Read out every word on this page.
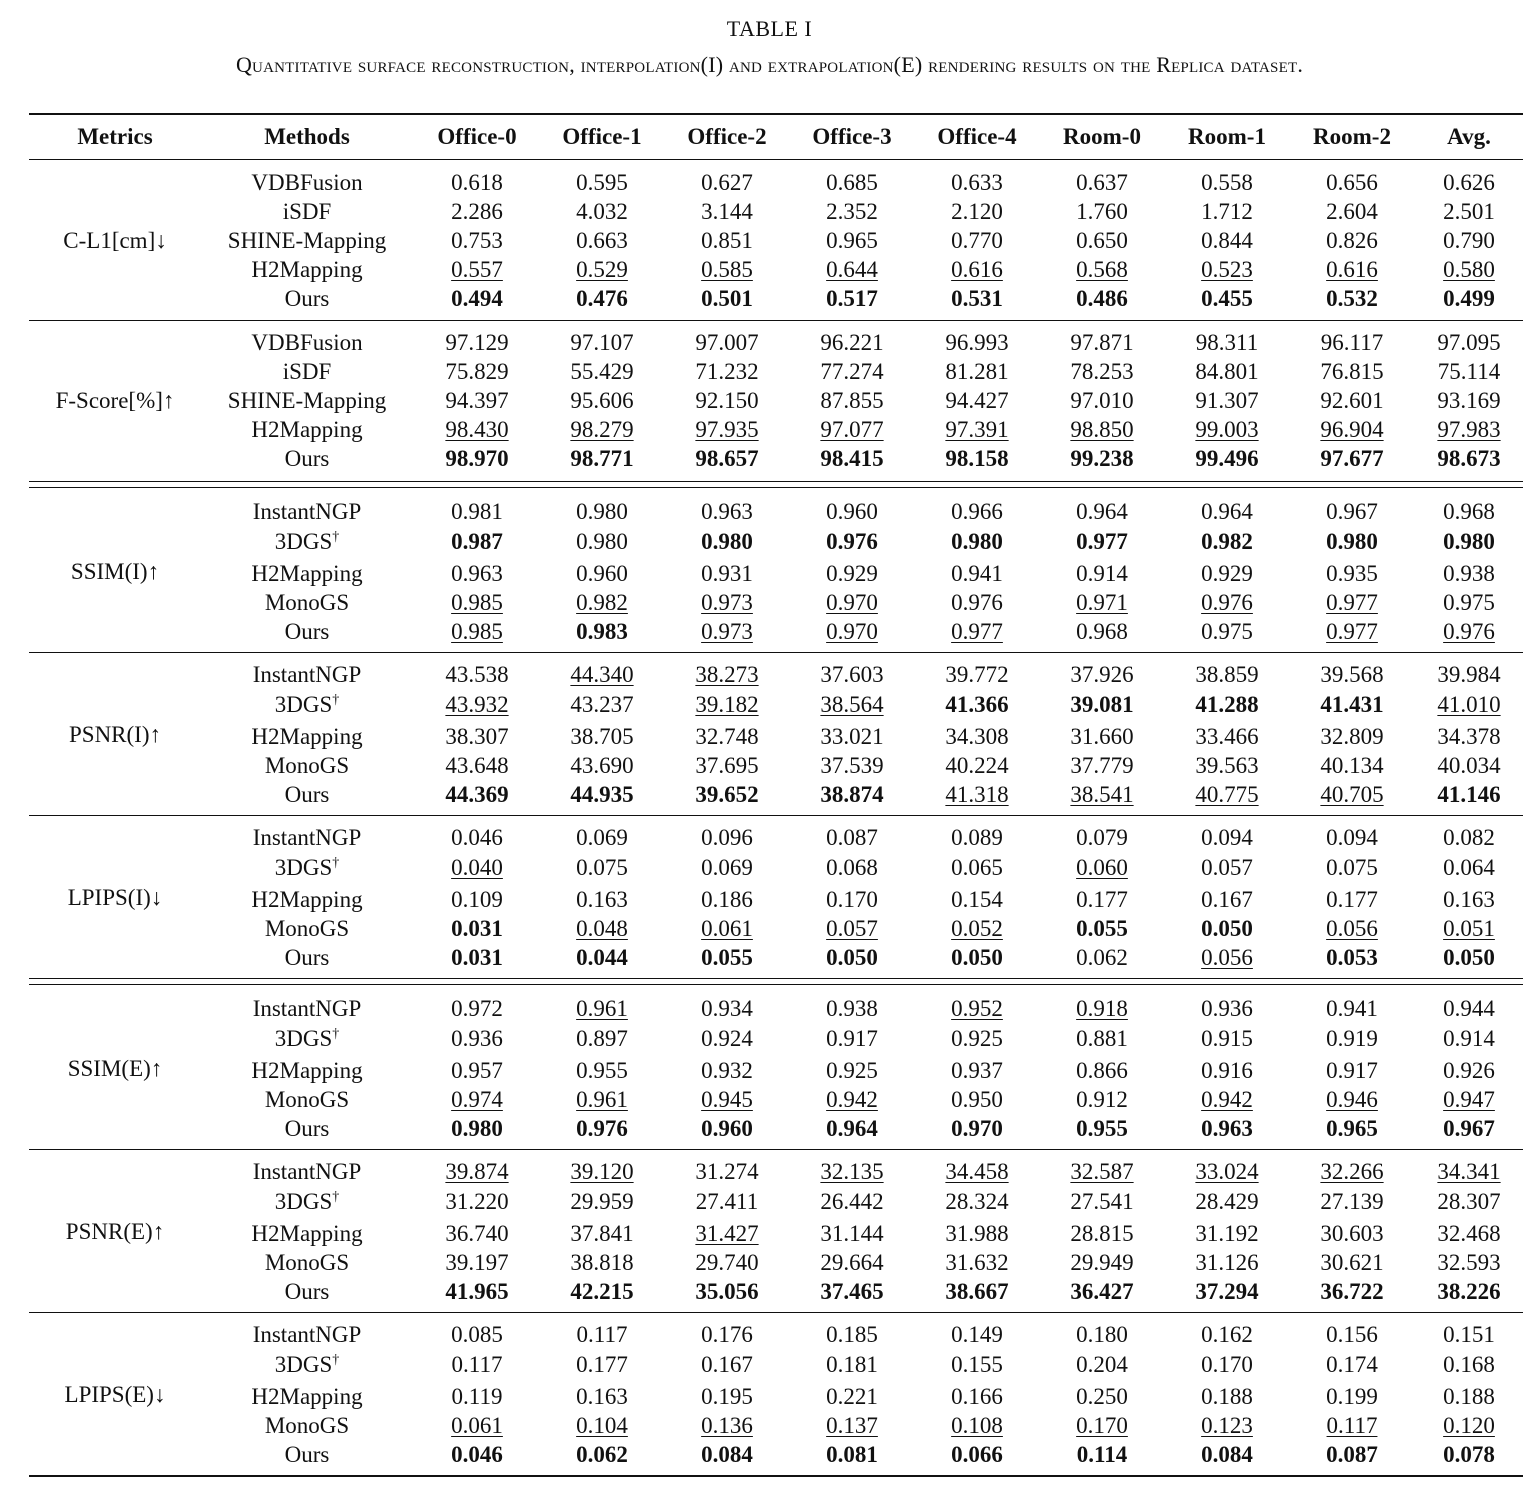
TABLE I
Quantitative surface reconstruction, interpolation(I) and extrapolation(E) rendering results on the Replica dataset.
Metrics	Methods	Office-0	Office-1	Office-2	Office-3	Office-4	Room-0	Room-1	Room-2	Avg.
C-L1[cm]↓
VDBFusion	0.618	0.595	0.627	0.685	0.633	0.637	0.558	0.656	0.626
iSDF	2.286	4.032	3.144	2.352	2.120	1.760	1.712	2.604	2.501
SHINE-Mapping	0.753	0.663	0.851	0.965	0.770	0.650	0.844	0.826	0.790
H2Mapping	0.557	0.529	0.585	0.644	0.616	0.568	0.523	0.616	0.580
Ours	0.494	0.476	0.501	0.517	0.531	0.486	0.455	0.532	0.499
F-Score[%]↑
VDBFusion	97.129	97.107	97.007	96.221	96.993	97.871	98.311	96.117	97.095
iSDF	75.829	55.429	71.232	77.274	81.281	78.253	84.801	76.815	75.114
SHINE-Mapping	94.397	95.606	92.150	87.855	94.427	97.010	91.307	92.601	93.169
H2Mapping	98.430	98.279	97.935	97.077	97.391	98.850	99.003	96.904	97.983
Ours	98.970	98.771	98.657	98.415	98.158	99.238	99.496	97.677	98.673
SSIM(I)↑
InstantNGP	0.981	0.980	0.963	0.960	0.966	0.964	0.964	0.967	0.968
3DGS†	0.987	0.980	0.980	0.976	0.980	0.977	0.982	0.980	0.980
H2Mapping	0.963	0.960	0.931	0.929	0.941	0.914	0.929	0.935	0.938
MonoGS	0.985	0.982	0.973	0.970	0.976	0.971	0.976	0.977	0.975
Ours	0.985	0.983	0.973	0.970	0.977	0.968	0.975	0.977	0.976
PSNR(I)↑
InstantNGP	43.538	44.340	38.273	37.603	39.772	37.926	38.859	39.568	39.984
3DGS†	43.932	43.237	39.182	38.564	41.366	39.081	41.288	41.431	41.010
H2Mapping	38.307	38.705	32.748	33.021	34.308	31.660	33.466	32.809	34.378
MonoGS	43.648	43.690	37.695	37.539	40.224	37.779	39.563	40.134	40.034
Ours	44.369	44.935	39.652	38.874	41.318	38.541	40.775	40.705	41.146
LPIPS(I)↓
InstantNGP	0.046	0.069	0.096	0.087	0.089	0.079	0.094	0.094	0.082
3DGS†	0.040	0.075	0.069	0.068	0.065	0.060	0.057	0.075	0.064
H2Mapping	0.109	0.163	0.186	0.170	0.154	0.177	0.167	0.177	0.163
MonoGS	0.031	0.048	0.061	0.057	0.052	0.055	0.050	0.056	0.051
Ours	0.031	0.044	0.055	0.050	0.050	0.062	0.056	0.053	0.050
SSIM(E)↑
InstantNGP	0.972	0.961	0.934	0.938	0.952	0.918	0.936	0.941	0.944
3DGS†	0.936	0.897	0.924	0.917	0.925	0.881	0.915	0.919	0.914
H2Mapping	0.957	0.955	0.932	0.925	0.937	0.866	0.916	0.917	0.926
MonoGS	0.974	0.961	0.945	0.942	0.950	0.912	0.942	0.946	0.947
Ours	0.980	0.976	0.960	0.964	0.970	0.955	0.963	0.965	0.967
PSNR(E)↑
InstantNGP	39.874	39.120	31.274	32.135	34.458	32.587	33.024	32.266	34.341
3DGS†	31.220	29.959	27.411	26.442	28.324	27.541	28.429	27.139	28.307
H2Mapping	36.740	37.841	31.427	31.144	31.988	28.815	31.192	30.603	32.468
MonoGS	39.197	38.818	29.740	29.664	31.632	29.949	31.126	30.621	32.593
Ours	41.965	42.215	35.056	37.465	38.667	36.427	37.294	36.722	38.226
LPIPS(E)↓
InstantNGP	0.085	0.117	0.176	0.185	0.149	0.180	0.162	0.156	0.151
3DGS†	0.117	0.177	0.167	0.181	0.155	0.204	0.170	0.174	0.168
H2Mapping	0.119	0.163	0.195	0.221	0.166	0.250	0.188	0.199	0.188
MonoGS	0.061	0.104	0.136	0.137	0.108	0.170	0.123	0.117	0.120
Ours	0.046	0.062	0.084	0.081	0.066	0.114	0.084	0.087	0.078
